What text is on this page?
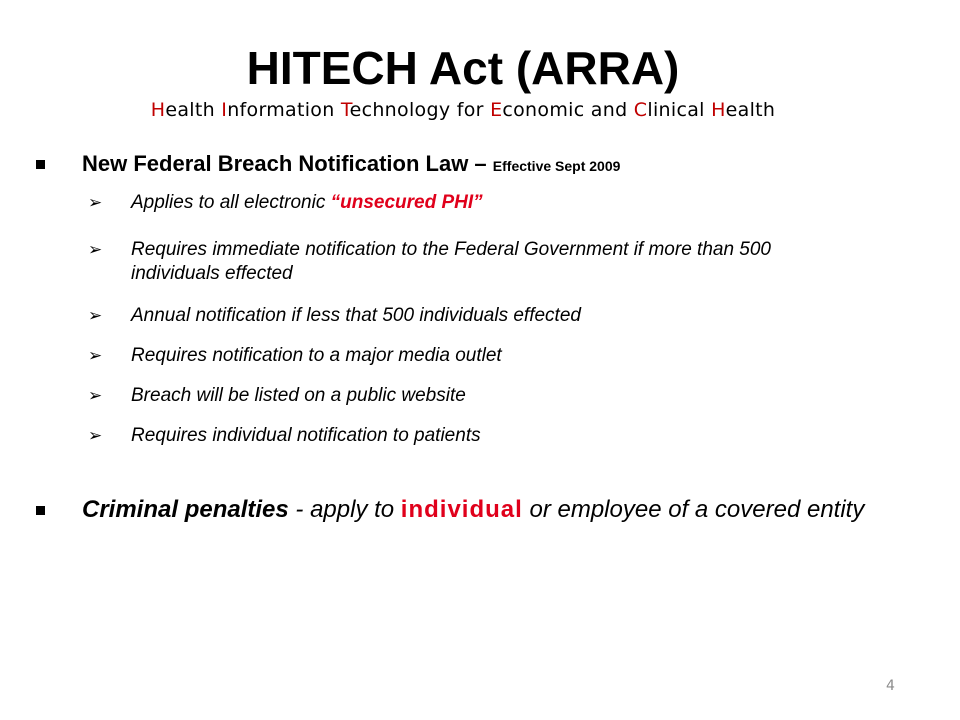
HITECH Act (ARRA)
Health Information Technology for Economic and Clinical Health
New Federal Breach Notification Law – Effective Sept 2009
➢ Applies to all electronic “unsecured PHI”
➢ Requires immediate notification to the Federal Government if more than 500 individuals effected
➢ Annual notification if less that 500 individuals effected
➢ Requires notification to a major media outlet
➢ Breach will be listed on a public website
➢ Requires individual notification to patients
Criminal penalties - apply to individual or employee of a covered entity
4
